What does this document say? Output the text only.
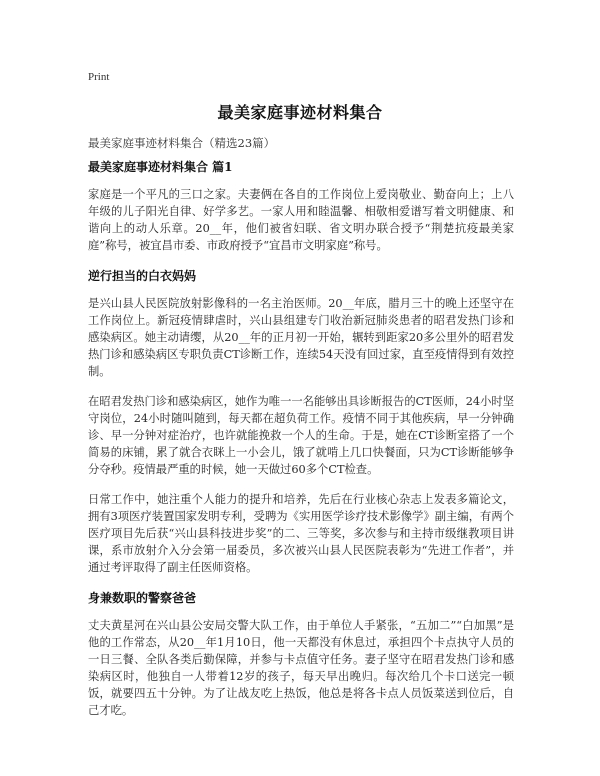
Print
最美家庭事迹材料集合
最美家庭事迹材料集合（精选23篇）
最美家庭事迹材料集合 篇1

家庭是一个平凡的三口之家。夫妻俩在各自的工作岗位上爱岗敬业、勤奋向上；上八年级的儿子阳光自律、好学多艺。一家人用和睦温馨、相敬相爱谱写着文明健康、和谐向上的动人乐章。20__年，他们被省妇联、省文明办联合授予“荆楚抗疫最美家庭”称号，被宜昌市委、市政府授予“宜昌市文明家庭”称号。

逆行担当的白衣妈妈

是兴山县人民医院放射影像科的一名主治医师。20__年底，腊月三十的晚上还坚守在工作岗位上。新冠疫情肆虐时，兴山县组建专门收治新冠肺炎患者的昭君发热门诊和感染病区。她主动请缨，从20__年的正月初一开始，辗转到距家20多公里外的昭君发热门诊和感染病区专职负责CT诊断工作，连续54天没有回过家，直至疫情得到有效控制。

在昭君发热门诊和感染病区，她作为唯一一名能够出具诊断报告的CT医师，24小时坚守岗位，24小时随叫随到，每天都在超负荷工作。疫情不同于其他疾病，早一分钟确诊、早一分钟对症治疗，也许就能挽救一个人的生命。于是，她在CT诊断室搭了一个简易的床铺，累了就合衣眯上一小会儿，饿了就啃上几口快餐面，只为CT诊断能够争分夺秒。疫情最严重的时候，她一天做过60多个CT检查。

日常工作中，她注重个人能力的提升和培养，先后在行业核心杂志上发表多篇论文，拥有3项医疗装置国家发明专利，受聘为《实用医学诊疗技术影像学》副主编，有两个医疗项目先后获“兴山县科技进步奖”的二、三等奖，多次参与和主持市级继教项目讲课，系市放射介入分会第一届委员，多次被兴山县人民医院表彰为“先进工作者”，并通过考评取得了副主任医师资格。

身兼数职的警察爸爸

丈夫黄星河在兴山县公安局交警大队工作，由于单位人手紧张，“五加二”“白加黑”是他的工作常态，从20__年1月10日，他一天都没有休息过，承担四个卡点执守人员的一日三餐、全队各类后勤保障，并参与卡点值守任务。妻子坚守在昭君发热门诊和感染病区时，他独自一人带着12岁的孩子，每天早出晚归。每次给几个卡口送完一顿饭，就要四五十分钟。为了让战友吃上热饭，他总是将各卡点人员饭菜送到位后，自己才吃。
